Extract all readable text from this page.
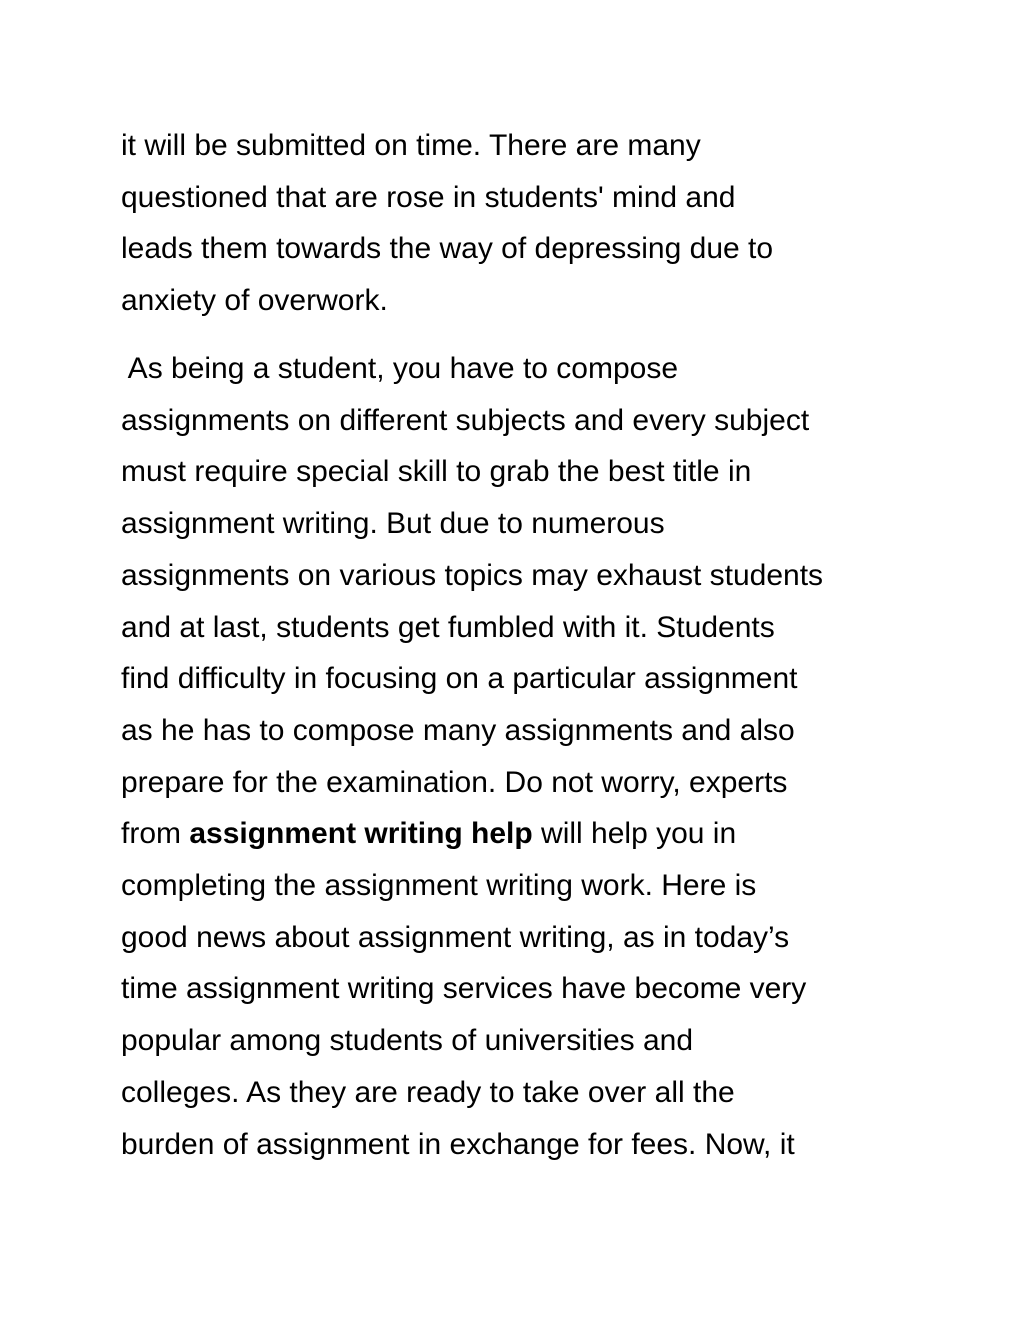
it will be submitted on time. There are many
questioned that are rose in students' mind and
leads them towards the way of depressing due to
anxiety of overwork.

As being a student, you have to compose
assignments on different subjects and every subject
must require special skill to grab the best title in
assignment writing. But due to numerous
assignments on various topics may exhaust students
and at last, students get fumbled with it. Students
find difficulty in focusing on a particular assignment
as he has to compose many assignments and also
prepare for the examination. Do not worry, experts
from assignment writing help will help you in
completing the assignment writing work. Here is
good news about assignment writing, as in today’s
time assignment writing services have become very
popular among students of universities and
colleges. As they are ready to take over all the
burden of assignment in exchange for fees. Now, it
